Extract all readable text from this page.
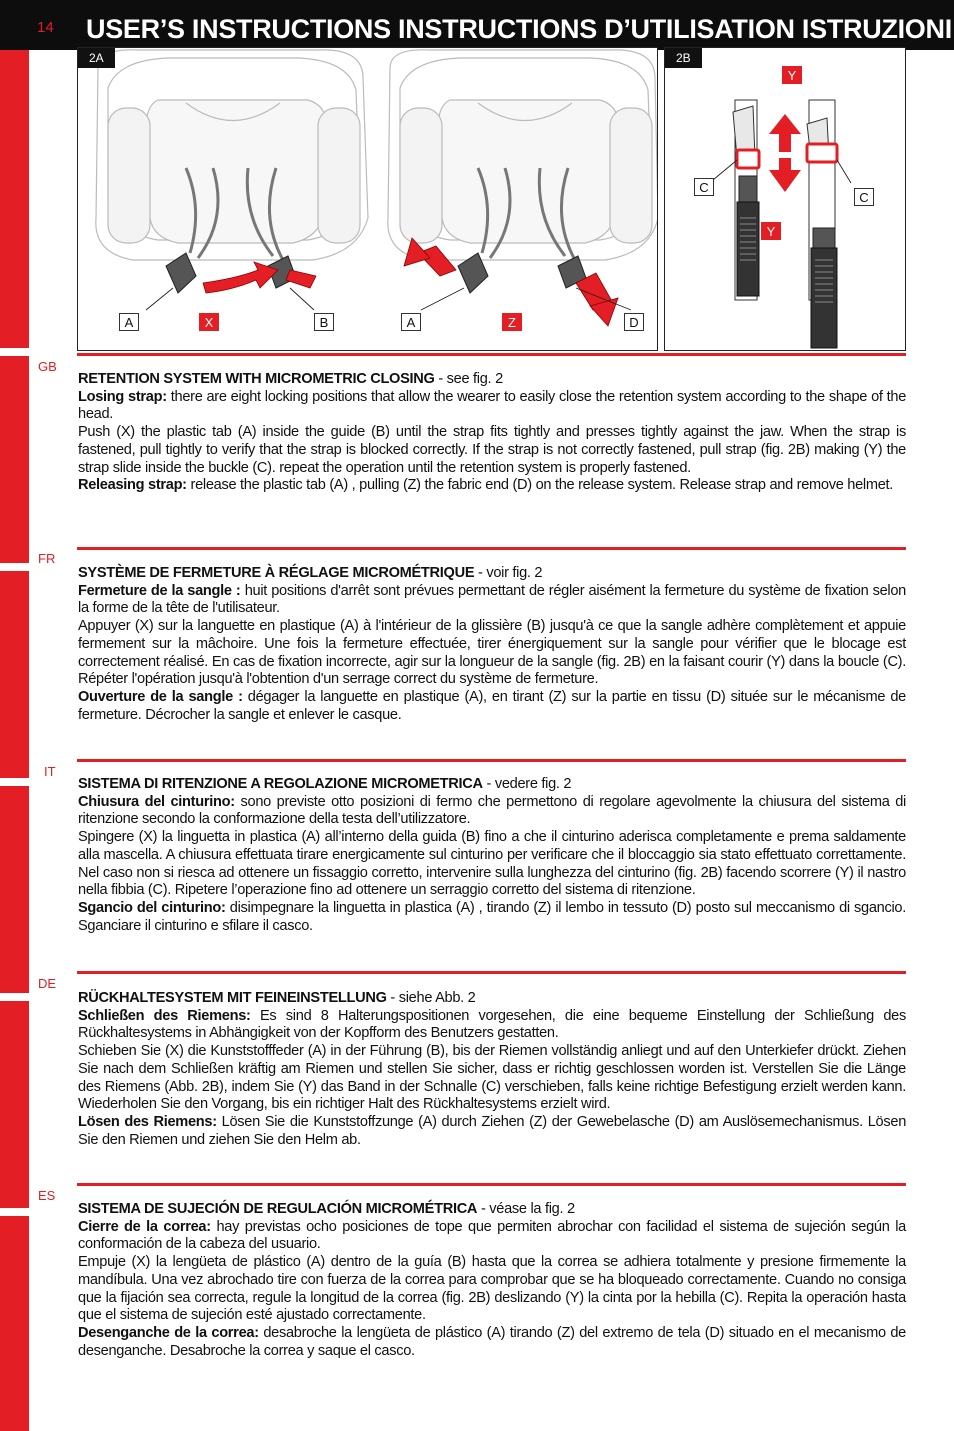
14 USER’S INSTRUCTIONS INSTRUCTIONS D’UTILISATION ISTRUZIONI
GB
FR
IT
DE
ES
2A
A	X	B	A	Z	D
2B
Y
Y
C
C

RETENTION SYSTEM WITH MICROMETRIC CLOSING - see fig. 2

Losing strap: there are eight locking positions that allow the wearer to easily close the retention system according to the shape of the head.

Push (X) the plastic tab (A) inside the guide (B) until the strap fits tightly and presses tightly against the jaw. When the strap is fastened, pull tightly to verify that the strap is blocked correctly. If the strap is not correctly fastened, pull strap (fig. 2B) making (Y) the strap slide inside the buckle (C). repeat the operation until the retention system is properly fastened.

Releasing strap: release the plastic tab (A) , pulling (Z) the fabric end (D) on the release system. Release strap and remove helmet.

SYSTÈME DE FERMETURE À RÉGLAGE MICROMÉTRIQUE - voir fig. 2

Fermeture de la sangle : huit positions d'arrêt sont prévues permettant de régler aisément la fermeture du système de fixation selon la forme de la tête de l'utilisateur.

Appuyer (X) sur la languette en plastique (A) à l'intérieur de la glissière (B) jusqu'à ce que la sangle adhère complètement et appuie fermement sur la mâchoire. Une fois la fermeture effectuée, tirer énergiquement sur la sangle pour vérifier que le blocage est correctement réalisé. En cas de fixation incorrecte, agir sur la longueur de la sangle (fig. 2B) en la faisant courir (Y) dans la boucle (C). Répéter l'opération jusqu'à l'obtention d'un serrage correct du système de fermeture.

Ouverture de la sangle : dégager la languette en plastique (A), en tirant (Z) sur la partie en tissu (D) située sur le mécanisme de fermeture. Décrocher la sangle et enlever le casque.

SISTEMA DI RITENZIONE A REGOLAZIONE MICROMETRICA - vedere fig. 2

Chiusura del cinturino: sono previste otto posizioni di fermo che permettono di regolare agevolmente la chiusura del sistema di ritenzione secondo la conformazione della testa dell’utilizzatore.

Spingere (X) la linguetta in plastica (A) all’interno della guida (B) fino a che il cinturino aderisca completamente e prema saldamente alla mascella. A chiusura effettuata tirare energicamente sul cinturino per verificare che il bloccaggio sia stato effettuato correttamente. Nel caso non si riesca ad ottenere un fissaggio corretto, intervenire sulla lunghezza del cinturino (fig. 2B) facendo scorrere (Y) il nastro nella fibbia (C). Ripetere l’operazione fino ad ottenere un serraggio corretto del sistema di ritenzione.

Sgancio del cinturino: disimpegnare la linguetta in plastica (A) , tirando (Z) il lembo in tessuto (D) posto sul meccanismo di sgancio. Sganciare il cinturino e sfilare il casco.

RÜCKHALTESYSTEM MIT FEINEINSTELLUNG - siehe Abb. 2

Schließen des Riemens: Es sind 8 Halterungspositionen vorgesehen, die eine bequeme Einstellung der Schließung des Rückhaltesystems in Abhängigkeit von der Kopfform des Benutzers gestatten.

Schieben Sie (X) die Kunststofffeder (A) in der Führung (B), bis der Riemen vollständig anliegt und auf den Unterkiefer drückt. Ziehen Sie nach dem Schließen kräftig am Riemen und stellen Sie sicher, dass er richtig geschlossen worden ist. Verstellen Sie die Länge des Riemens (Abb. 2B), indem Sie (Y) das Band in der Schnalle (C) verschieben, falls keine richtige Befestigung erzielt werden kann. Wiederholen Sie den Vorgang, bis ein richtiger Halt des Rückhaltesystems erzielt wird.

Lösen des Riemens: Lösen Sie die Kunststoffzunge (A) durch Ziehen (Z) der Gewebelasche (D) am Auslösemechanismus. Lösen Sie den Riemen und ziehen Sie den Helm ab.

SISTEMA DE SUJECIÓN DE REGULACIÓN MICROMÉTRICA - véase la fig. 2

Cierre de la correa: hay previstas ocho posiciones de tope que permiten abrochar con facilidad el sistema de sujeción según la conformación de la cabeza del usuario.

Empuje (X) la lengüeta de plástico (A) dentro de la guía (B) hasta que la correa se adhiera totalmente y presione firmemente la mandíbula. Una vez abrochado tire con fuerza de la correa para comprobar que se ha bloqueado correctamente. Cuando no consiga que la fijación sea correcta, regule la longitud de la correa (fig. 2B) deslizando (Y) la cinta por la hebilla (C). Repita la operación hasta que el sistema de sujeción esté ajustado correctamente.

Desenganche de la correa: desabroche la lengüeta de plástico (A) tirando (Z) del extremo de tela (D) situado en el mecanismo de desenganche. Desabroche la correa y saque el casco.
